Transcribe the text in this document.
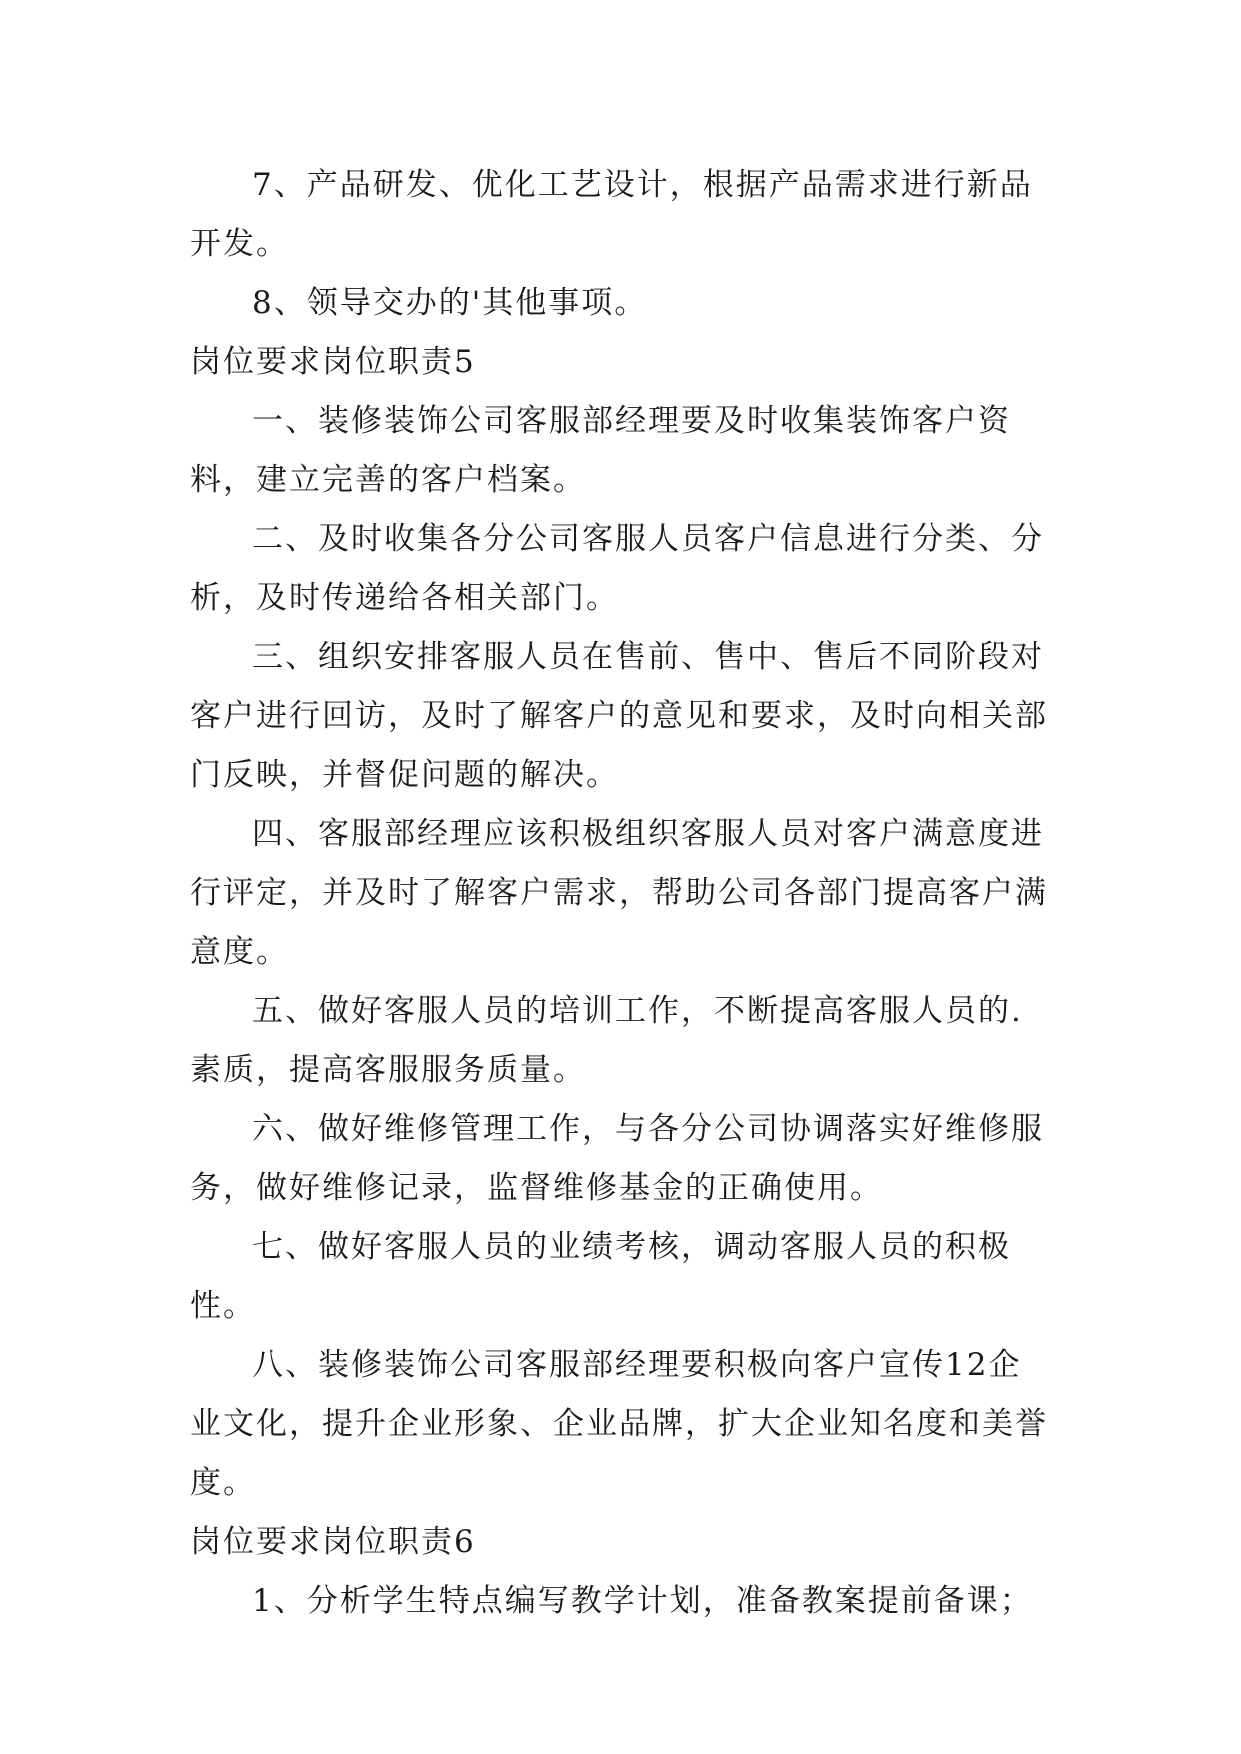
7、产品研发、优化工艺设计，根据产品需求进行新品开发。

8、领导交办的'其他事项。

岗位要求岗位职责5

一、装修装饰公司客服部经理要及时收集装饰客户资料，建立完善的客户档案。

二、及时收集各分公司客服人员客户信息进行分类、分析，及时传递给各相关部门。

三、组织安排客服人员在售前、售中、售后不同阶段对客户进行回访，及时了解客户的意见和要求，及时向相关部门反映，并督促问题的解决。

四、客服部经理应该积极组织客服人员对客户满意度进行评定，并及时了解客户需求，帮助公司各部门提高客户满意度。

五、做好客服人员的培训工作，不断提高客服人员的.素质，提高客服服务质量。

六、做好维修管理工作，与各分公司协调落实好维修服务，做好维修记录，监督维修基金的正确使用。

七、做好客服人员的业绩考核，调动客服人员的积极性。

八、装修装饰公司客服部经理要积极向客户宣传12企业文化，提升企业形象、企业品牌，扩大企业知名度和美誉度。

岗位要求岗位职责6

1、分析学生特点编写教学计划，准备教案提前备课；
